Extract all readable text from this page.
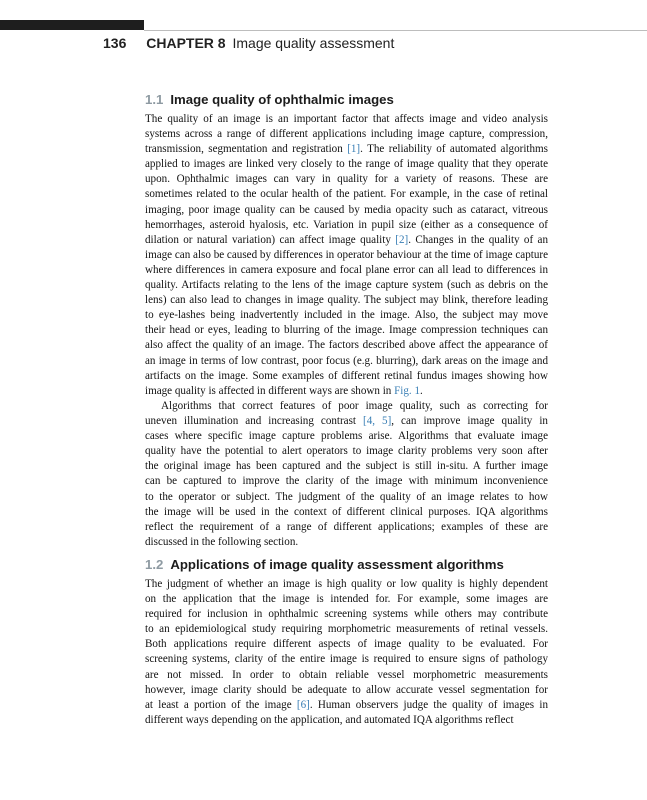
136 CHAPTER 8 Image quality assessment
1.1 Image quality of ophthalmic images
The quality of an image is an important factor that affects image and video analysis
systems across a range of different applications including image capture, compression,
transmission, segmentation and registration [1]. The reliability of automated algorithms
applied to images are linked very closely to the range of image quality that they operate
upon. Ophthalmic images can vary in quality for a variety of reasons. These are
sometimes related to the ocular health of the patient. For example, in the case of retinal
imaging, poor image quality can be caused by media opacity such as cataract, vitreous
hemorrhages, asteroid hyalosis, etc. Variation in pupil size (either as a consequence of
dilation or natural variation) can affect image quality [2]. Changes in the quality of an
image can also be caused by differences in operator behaviour at the time of image capture
where differences in camera exposure and focal plane error can all lead to differences in
quality. Artifacts relating to the lens of the image capture system (such as debris on the
lens) can also lead to changes in image quality. The subject may blink, therefore leading
to eye-lashes being inadvertently included in the image. Also, the subject may move
their head or eyes, leading to blurring of the image. Image compression techniques can
also affect the quality of an image. The factors described above affect the appearance of
an image in terms of low contrast, poor focus (e.g. blurring), dark areas on the image and
artifacts on the image. Some examples of different retinal fundus images showing how
image quality is affected in different ways are shown in Fig. 1.
Algorithms that correct features of poor image quality, such as correcting for
uneven illumination and increasing contrast [4, 5], can improve image quality in
cases where specific image capture problems arise. Algorithms that evaluate image
quality have the potential to alert operators to image clarity problems very soon after
the original image has been captured and the subject is still in-situ. A further image
can be captured to improve the clarity of the image with minimum inconvenience
to the operator or subject. The judgment of the quality of an image relates to how
the image will be used in the context of different clinical purposes. IQA algorithms
reflect the requirement of a range of different applications; examples of these are
discussed in the following section.
1.2 Applications of image quality assessment algorithms
The judgment of whether an image is high quality or low quality is highly dependent
on the application that the image is intended for. For example, some images are
required for inclusion in ophthalmic screening systems while others may contribute
to an epidemiological study requiring morphometric measurements of retinal vessels.
Both applications require different aspects of image quality to be evaluated. For
screening systems, clarity of the entire image is required to ensure signs of pathology
are not missed. In order to obtain reliable vessel morphometric measurements
however, image clarity should be adequate to allow accurate vessel segmentation for
at least a portion of the image [6]. Human observers judge the quality of images in
different ways depending on the application, and automated IQA algorithms reflect
